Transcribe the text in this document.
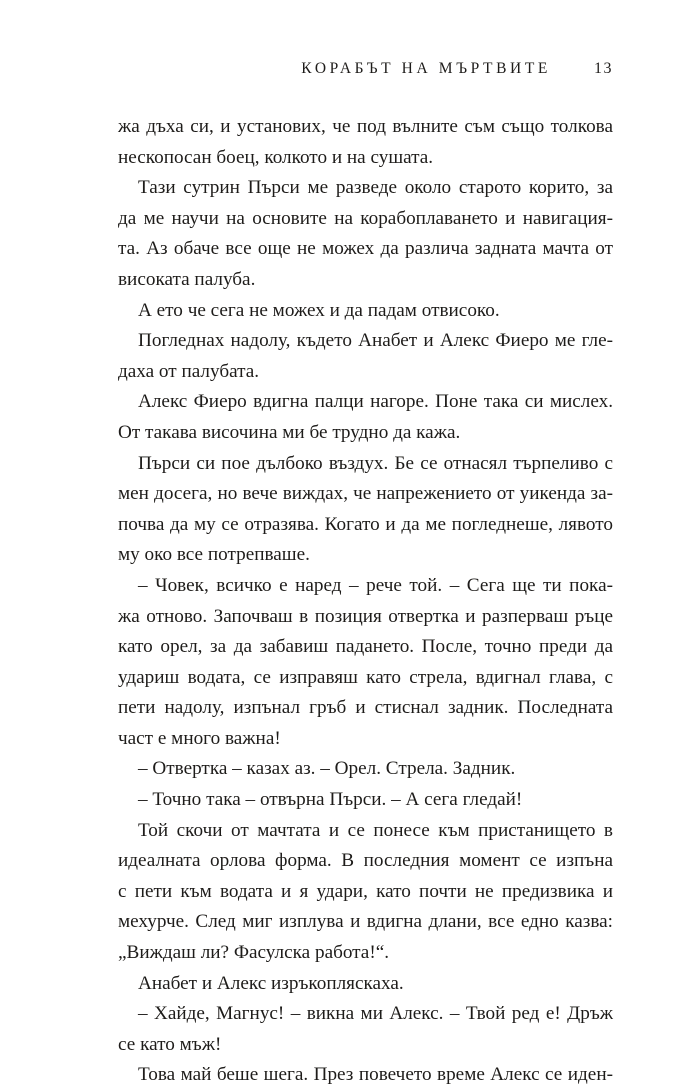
КОРАБЪТ НА МЪРТВИТЕ	13
жа дъха си, и установих, че под вълните съм също толкова
нескопосан боец, колкото и на сушата.
Тази сутрин Пърси ме разведе около старото корито, за
да ме научи на основите на корабоплаването и навигация-
та. Аз обаче все още не можех да различа задната мачта от
високата палуба.
А ето че сега не можех и да падам отвисоко.
Погледнах надолу, където Анабет и Алекс Фиеро ме гле-
даха от палубата.
Алекс Фиеро вдигна палци нагоре. Поне така си мислех.
От такава височина ми бе трудно да кажа.
Пърси си пое дълбоко въздух. Бе се отнасял търпеливо с
мен досега, но вече виждах, че напрежението от уикенда за-
почва да му се отразява. Когато и да ме погледнеше, лявото
му око все потрепваше.
– Човек, всичко е наред – рече той. – Сега ще ти пока-
жа отново. Започваш в позиция отвертка и разперваш ръце
като орел, за да забавиш падането. После, точно преди да
удариш водата, се изправяш като стрела, вдигнал глава, с
пети надолу, изпънал гръб и стиснал задник. Последната
част е много важна!
– Отвертка – казах аз. – Орел. Стрела. Задник.
– Точно така – отвърна Пърси. – А сега гледай!
Той скочи от мачтата и се понесе към пристанището в
идеалната орлова форма. В последния момент се изпъна
с пети към водата и я удари, като почти не предизвика и
мехурче. След миг изплува и вдигна длани, все едно казва:
„Виждаш ли? Фасулска работа!“.
Анабет и Алекс изръкопляскаха.
– Хайде, Магнус! – викна ми Алекс. – Твой ред е! Дръж
се като мъж!
Това май беше шега. През повечето време Алекс се иден-
